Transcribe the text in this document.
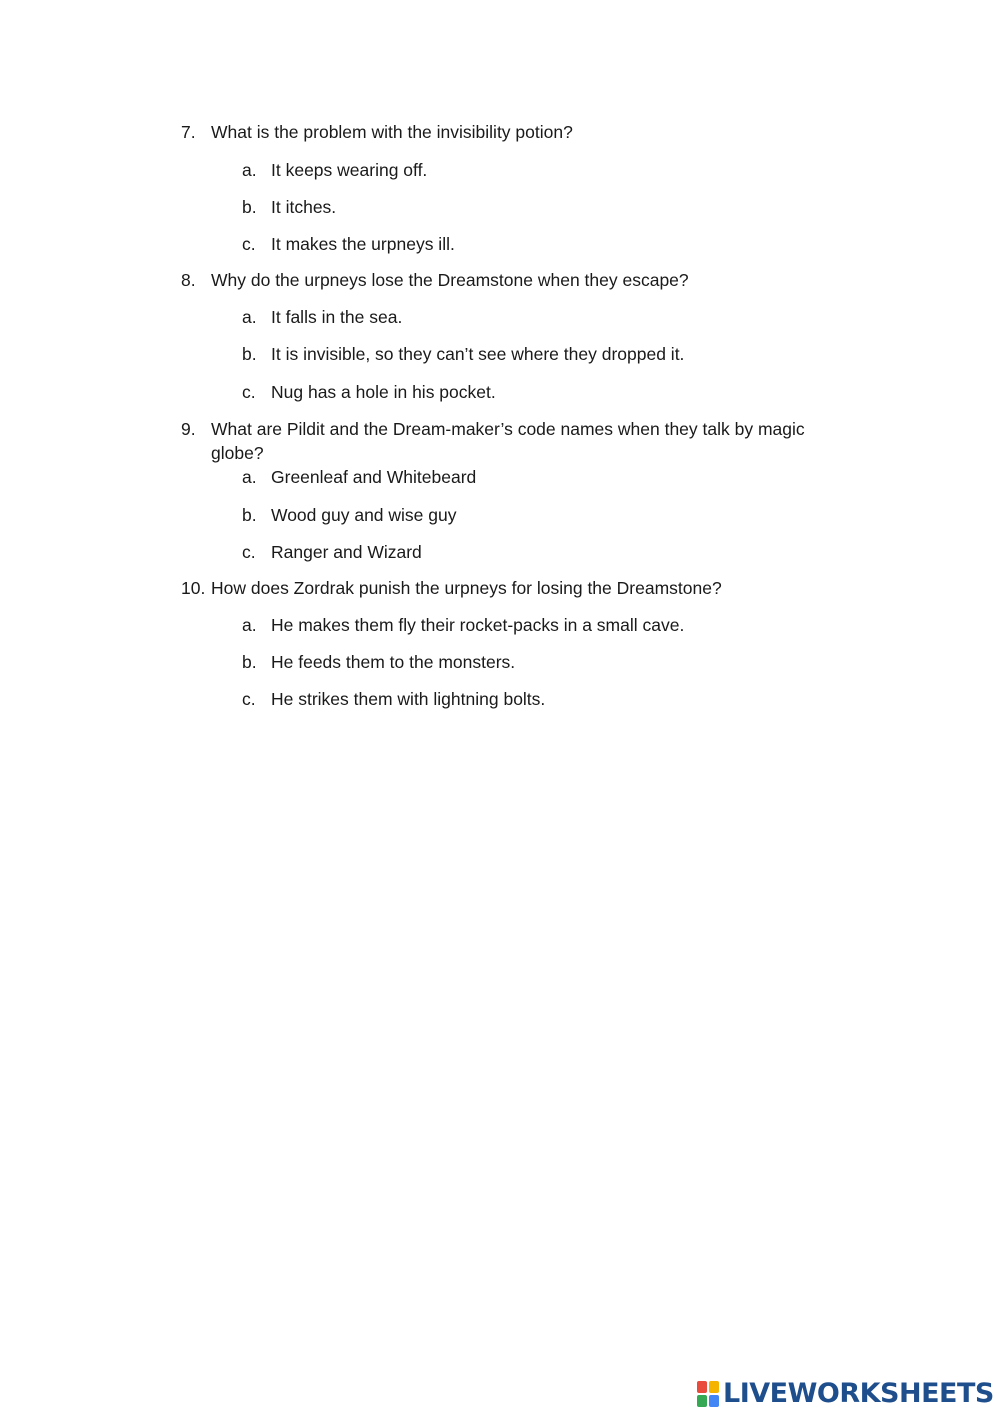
7. What is the problem with the invisibility potion?
a. It keeps wearing off.
b. It itches.
c. It makes the urpneys ill.
8. Why do the urpneys lose the Dreamstone when they escape?
a. It falls in the sea.
b. It is invisible, so they can’t see where they dropped it.
c. Nug has a hole in his pocket.
9. What are Pildit and the Dream-maker’s code names when they talk by magic globe?
a. Greenleaf and Whitebeard
b. Wood guy and wise guy
c. Ranger and Wizard
10. How does Zordrak punish the urpneys for losing the Dreamstone?
a. He makes them fly their rocket-packs in a small cave.
b. He feeds them to the monsters.
c. He strikes them with lightning bolts.
LIVEWORKSHEETS
